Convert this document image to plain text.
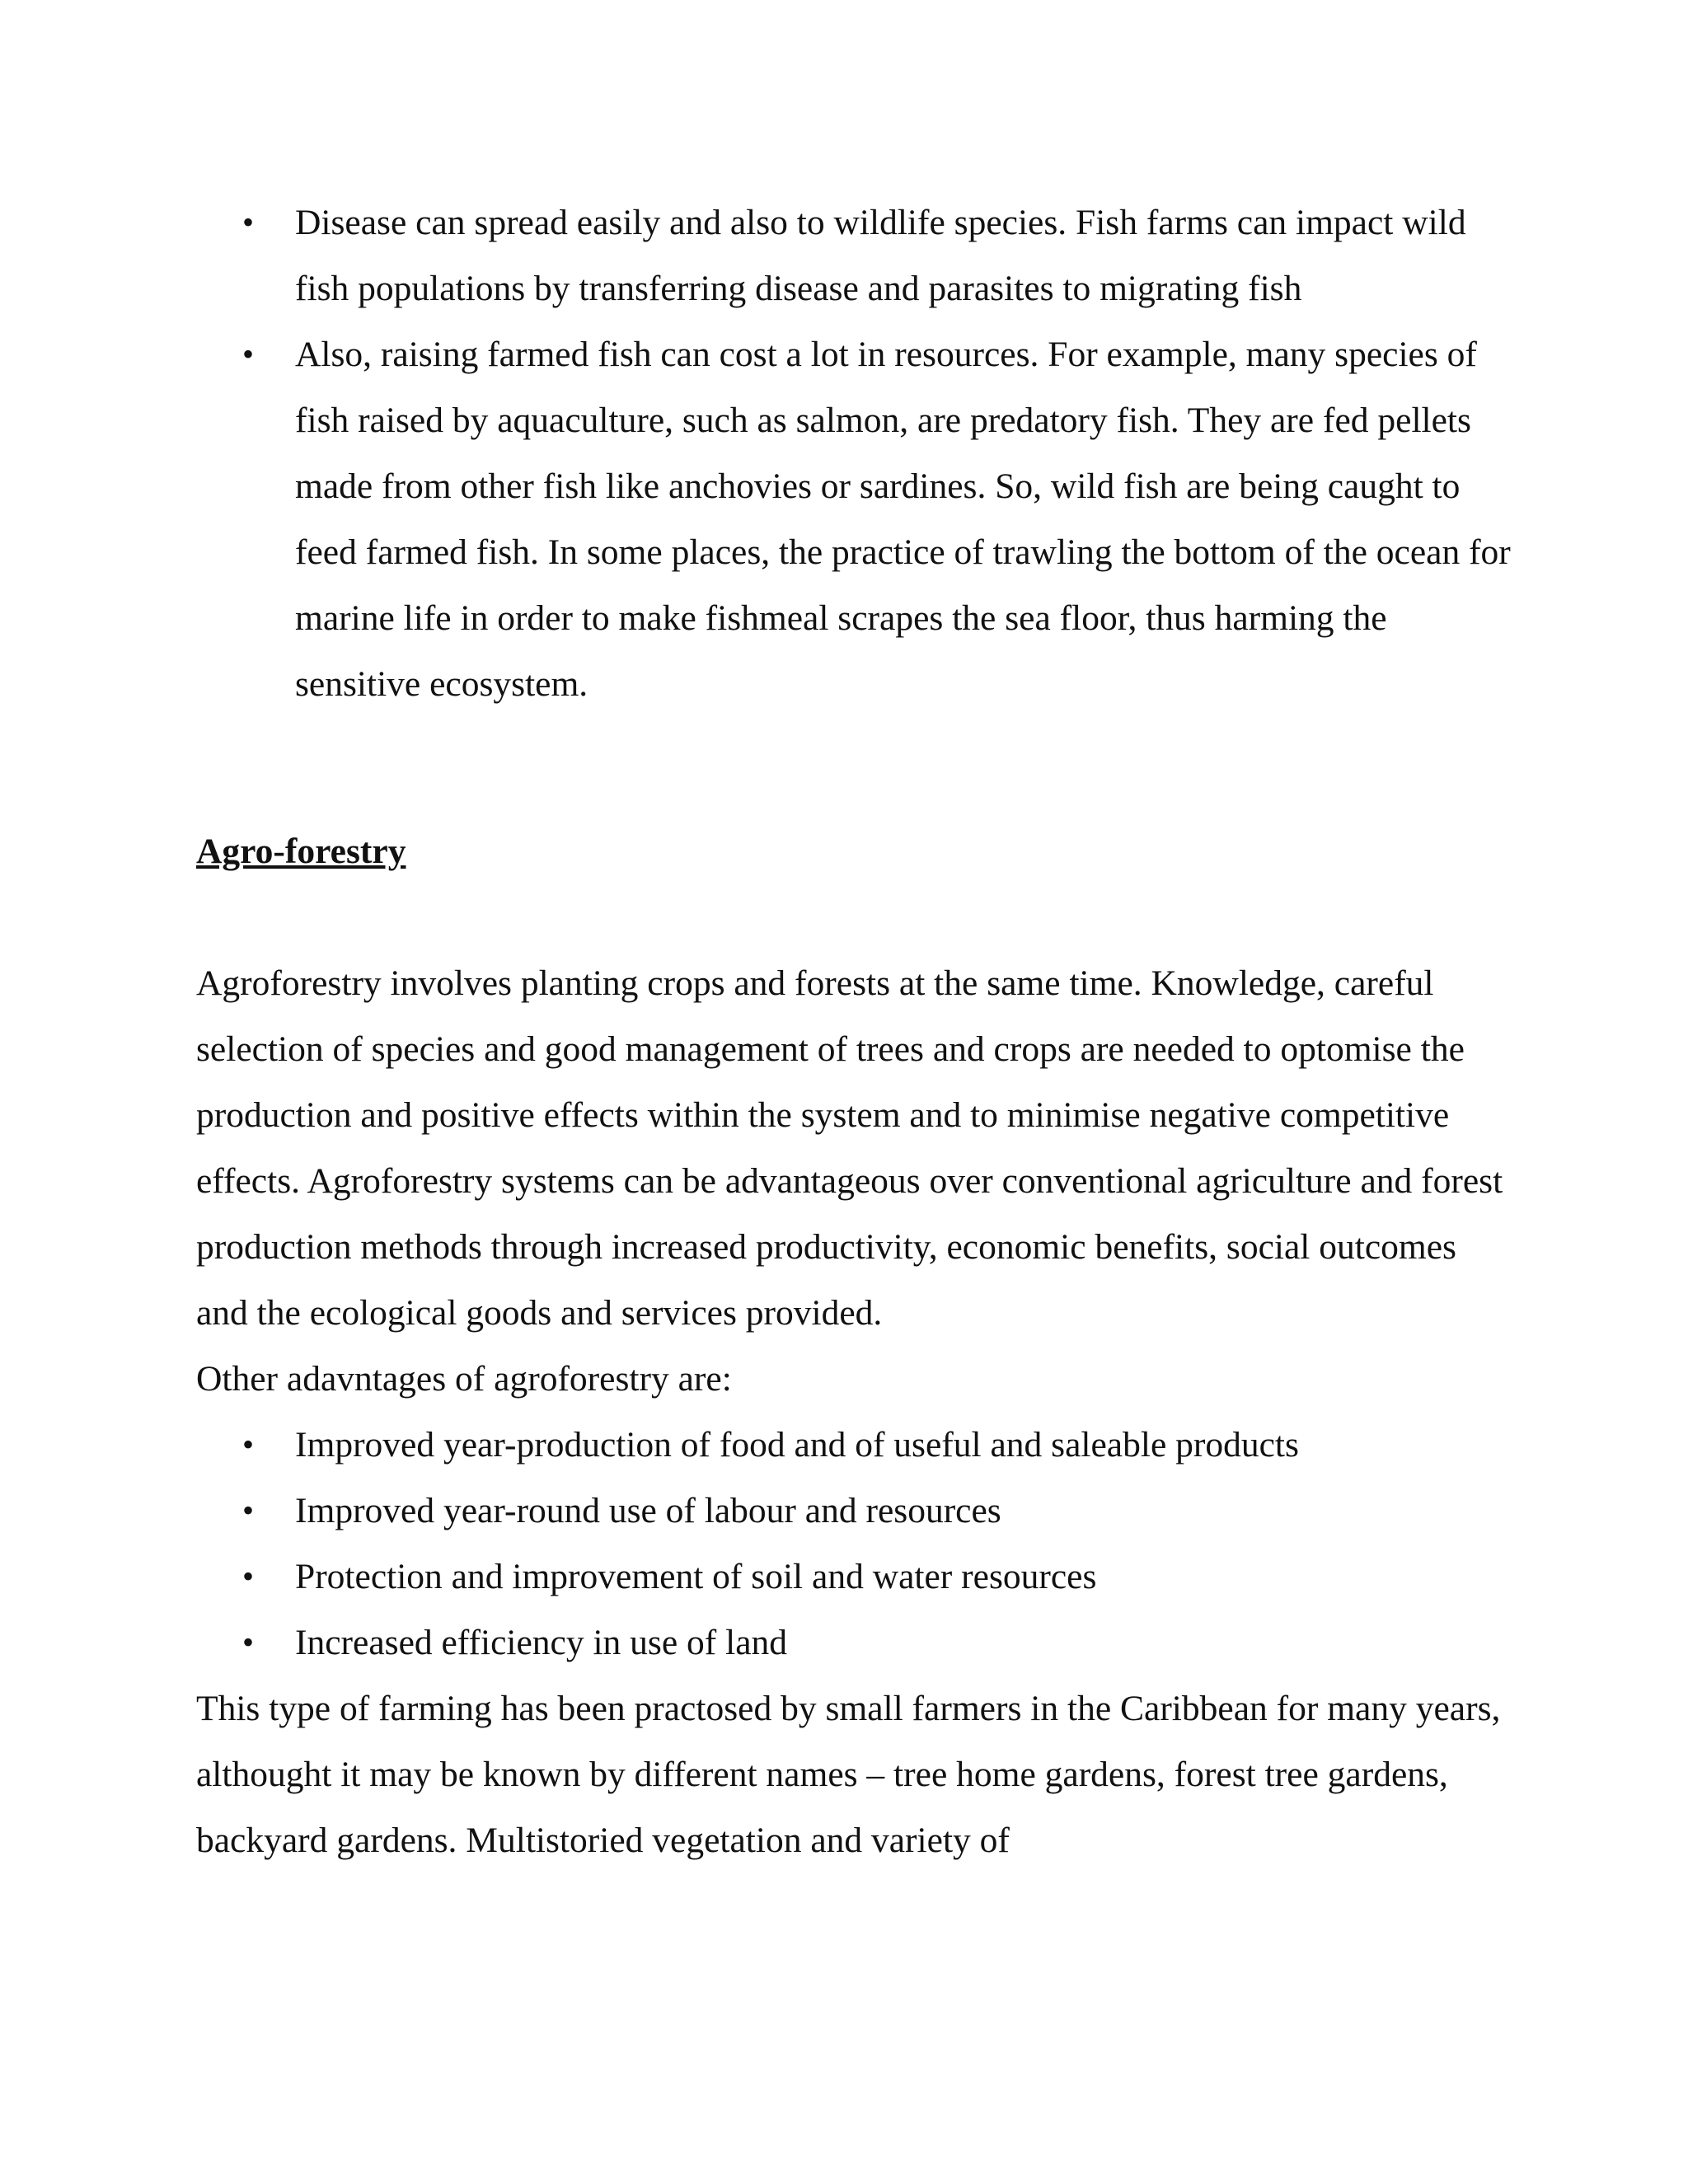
• Disease can spread easily and also to wildlife species. Fish farms can impact wild fish populations by transferring disease and parasites to migrating fish
• Also, raising farmed fish can cost a lot in resources. For example, many species of fish raised by aquaculture, such as salmon, are predatory fish. They are fed pellets made from other fish like anchovies or sardines. So, wild fish are being caught to feed farmed fish. In some places, the practice of trawling the bottom of the ocean for marine life in order to make fishmeal scrapes the sea floor, thus harming the sensitive ecosystem.
Agro-forestry

Agroforestry involves planting crops and forests at the same time. Knowledge, careful selection of species and good management of trees and crops are needed to optomise the production and positive effects within the system and to minimise negative competitive effects. Agroforestry systems can be advantageous over conventional agriculture and forest production methods through increased productivity, economic benefits, social outcomes and the ecological goods and services provided.

Other adavntages of agroforestry are:

• Improved year-production of food and of useful and saleable products
• Improved year-round use of labour and resources
• Protection and improvement of soil and water resources
• Increased efficiency in use of land

This type of farming has been practosed by small farmers in the Caribbean for many years, althought it may be known by different names – tree home gardens, forest tree gardens, backyard gardens. Multistoried vegetation and variety of
